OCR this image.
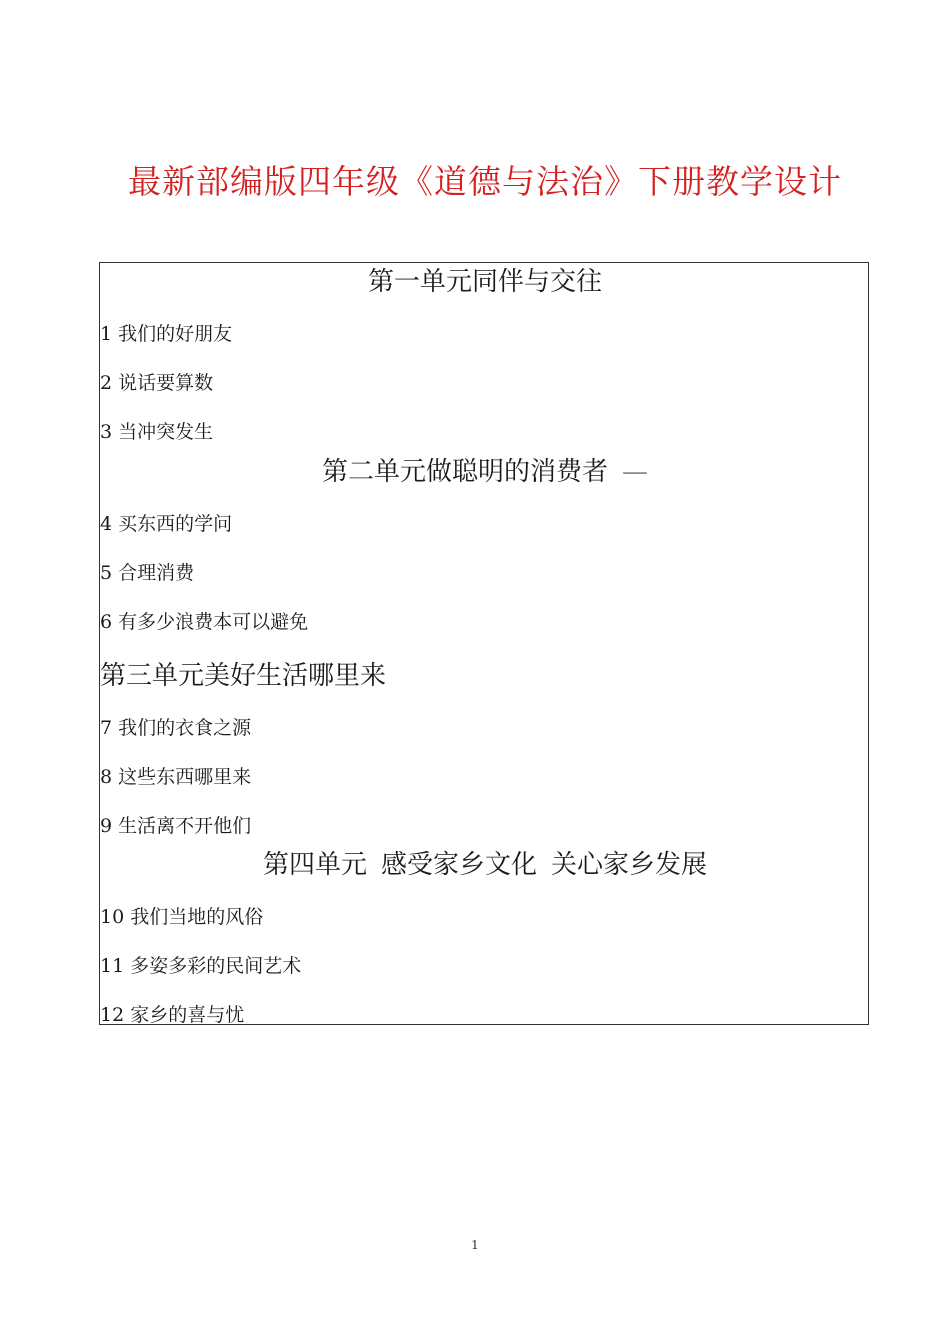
最新部编版四年级《道德与法治》下册教学设计
第一单元同伴与交往
1 我们的好朋友
2 说话要算数
3 当冲突发生
第二单元做聪明的消费者 —
4 买东西的学问
5 合理消费
6 有多少浪费本可以避免
第三单元美好生活哪里来
7 我们的衣食之源
8 这些东西哪里来
9 生活离不开他们
第四单元 感受家乡文化 关心家乡发展
10 我们当地的风俗
11 多姿多彩的民间艺术
12 家乡的喜与忧
1
